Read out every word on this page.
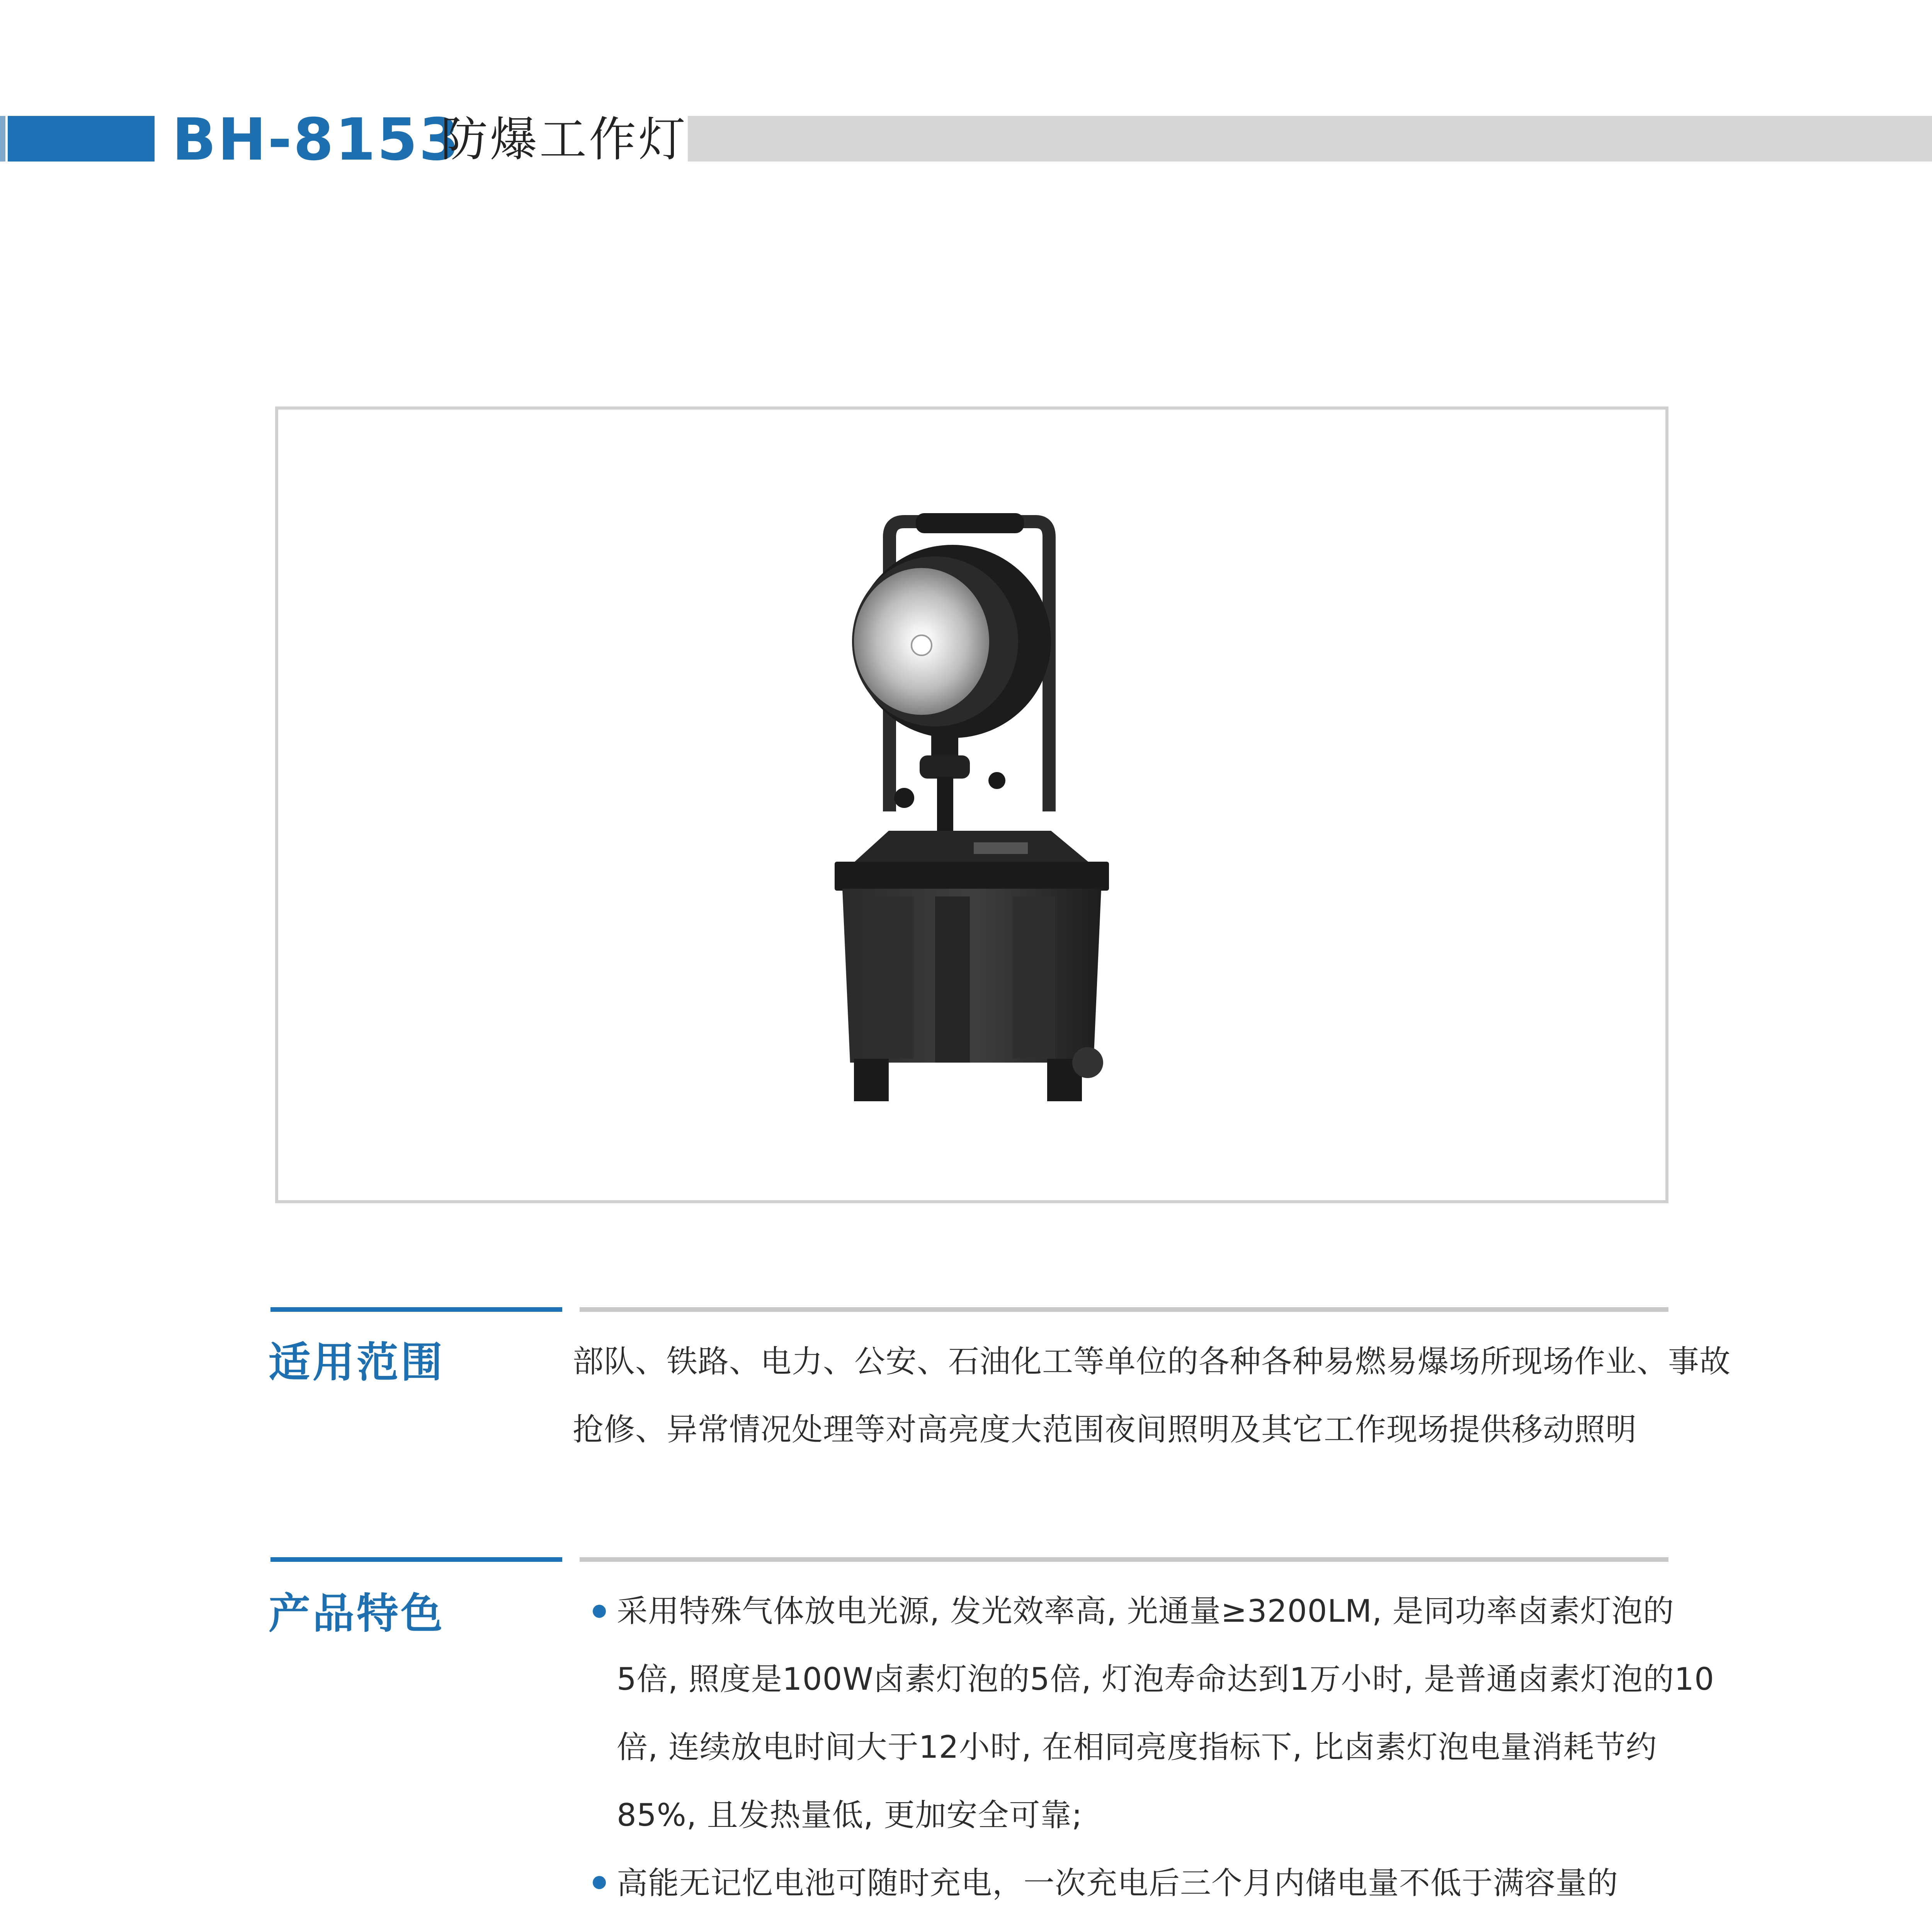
BH-8153
防爆工作灯
适用范围	部队、铁路、电力、公安、石油化工等单位的各种各种易燃易爆场所现场作业、事故
抢修、异常情况处理等对高亮度大范围夜间照明及其它工作现场提供移动照明
产品特色	采用特殊气体放电光源, 发光效率高, 光通量≥3200LM, 是同功率卤素灯泡的
5倍, 照度是100W卤素灯泡的5倍, 灯泡寿命达到1万小时, 是普通卤素灯泡的10
倍, 连续放电时间大于12小时, 在相同亮度指标下, 比卤素灯泡电量消耗节约
85%, 且发热量低, 更加安全可靠;
高能无记忆电池可随时充电，一次充电后三个月内储电量不低于满容量的
